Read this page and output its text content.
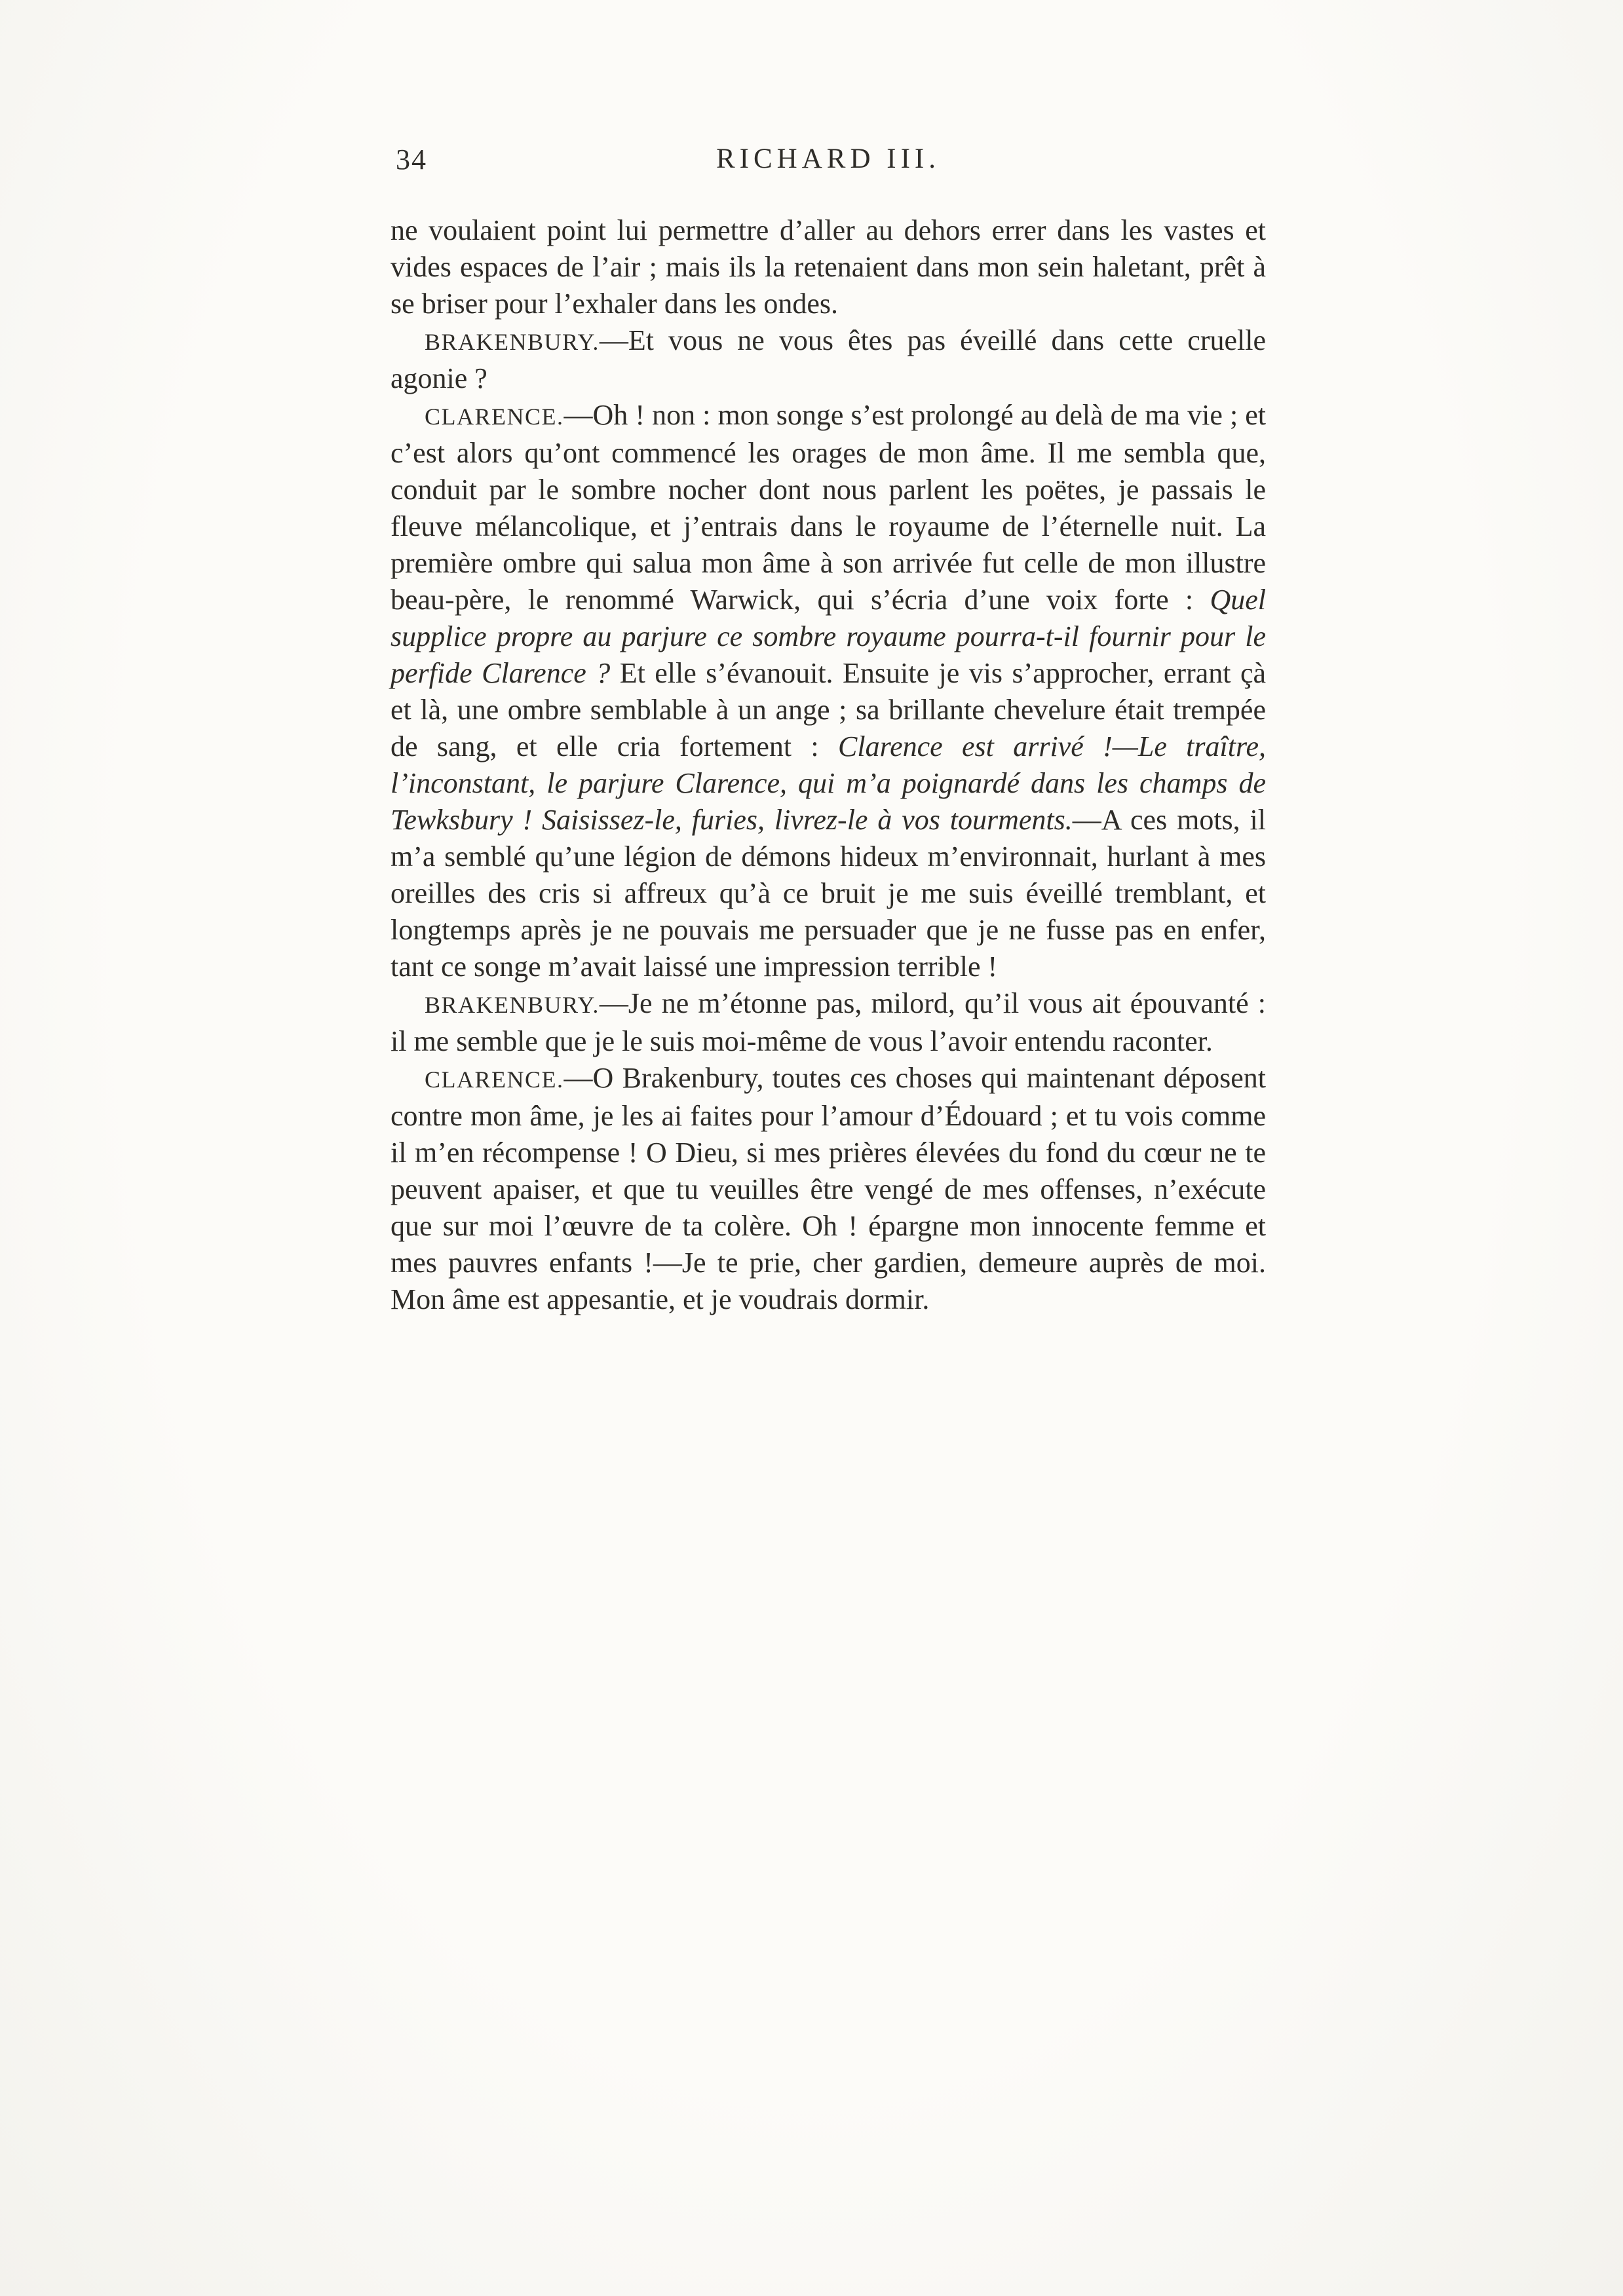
34	RICHARD III.

ne voulaient point lui permettre d’aller au dehors errer dans les vastes et vides espaces de l’air ; mais ils la retenaient dans mon sein haletant, prêt à se briser pour l’exhaler dans les ondes.

BRAKENBURY.—Et vous ne vous êtes pas éveillé dans cette cruelle agonie ?

CLARENCE.—Oh ! non : mon songe s’est prolongé au delà de ma vie ; et c’est alors qu’ont commencé les orages de mon âme. Il me sembla que, conduit par le sombre nocher dont nous parlent les poëtes, je passais le fleuve mélancolique, et j’entrais dans le royaume de l’éternelle nuit. La première ombre qui salua mon âme à son arrivée fut celle de mon illustre beau-père, le renommé Warwick, qui s’écria d’une voix forte : Quel supplice propre au parjure ce sombre royaume pourra-t-il fournir pour le perfide Clarence ? Et elle s’évanouit. Ensuite je vis s’approcher, errant çà et là, une ombre semblable à un ange ; sa brillante chevelure était trempée de sang, et elle cria fortement : Clarence est arrivé !—Le traître, l’inconstant, le parjure Clarence, qui m’a poignardé dans les champs de Tewksbury ! Saisissez-le, furies, livrez-le à vos tourments.—A ces mots, il m’a semblé qu’une légion de démons hideux m’environnait, hurlant à mes oreilles des cris si affreux qu’à ce bruit je me suis éveillé tremblant, et longtemps après je ne pouvais me persuader que je ne fusse pas en enfer, tant ce songe m’avait laissé une impression terrible !

BRAKENBURY.—Je ne m’étonne pas, milord, qu’il vous ait épouvanté : il me semble que je le suis moi-même de vous l’avoir entendu raconter.

CLARENCE.—O Brakenbury, toutes ces choses qui maintenant déposent contre mon âme, je les ai faites pour l’amour d’Édouard ; et tu vois comme il m’en récompense ! O Dieu, si mes prières élevées du fond du cœur ne te peuvent apaiser, et que tu veuilles être vengé de mes offenses, n’exécute que sur moi l’œuvre de ta colère. Oh ! épargne mon innocente femme et mes pauvres enfants !—Je te prie, cher gardien, demeure auprès de moi. Mon âme est appesantie, et je voudrais dormir.
